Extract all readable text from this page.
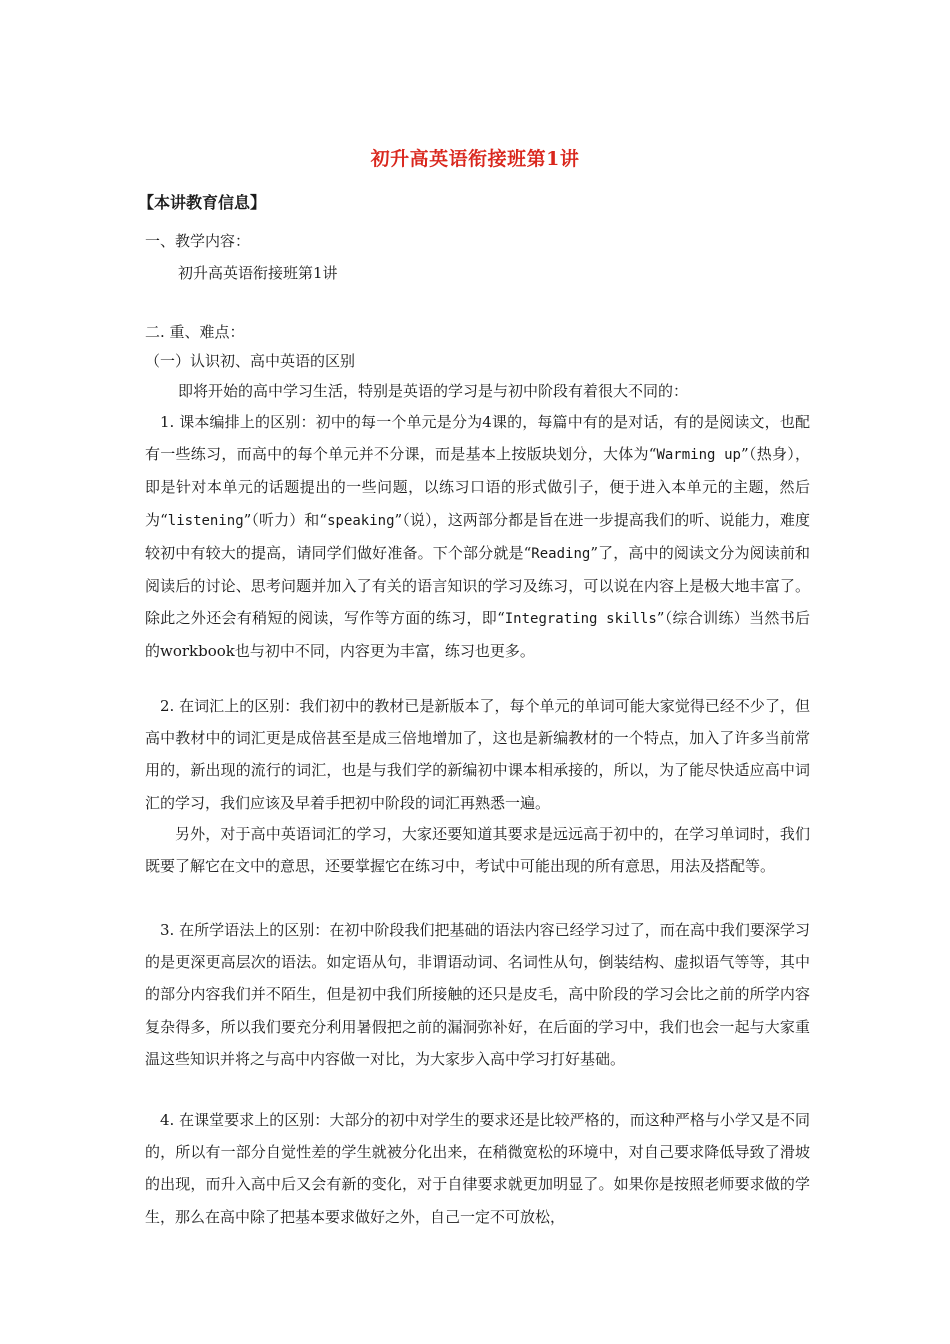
初升高英语衔接班第1讲
【本讲教育信息】
一、教学内容：
初升高英语衔接班第1讲
二. 重、难点：
（一）认识初、高中英语的区别
即将开始的高中学习生活，特别是英语的学习是与初中阶段有着很大不同的：
1. 课本编排上的区别：初中的每一个单元是分为4课的，每篇中有的是对话，有的是阅读文，也配有一些练习，而高中的每个单元并不分课，而是基本上按版块划分，大体为“Warming up”（热身），即是针对本单元的话题提出的一些问题，以练习口语的形式做引子，便于进入本单元的主题，然后为“listening”（听力）和“speaking”（说），这两部分都是旨在进一步提高我们的听、说能力，难度较初中有较大的提高，请同学们做好准备。下个部分就是“Reading”了，高中的阅读文分为阅读前和阅读后的讨论、思考问题并加入了有关的语言知识的学习及练习，可以说在内容上是极大地丰富了。除此之外还会有稍短的阅读，写作等方面的练习，即“Integrating skills”（综合训练）当然书后的workbook也与初中不同，内容更为丰富，练习也更多。
2. 在词汇上的区别：我们初中的教材已是新版本了，每个单元的单词可能大家觉得已经不少了，但高中教材中的词汇更是成倍甚至是成三倍地增加了，这也是新编教材的一个特点，加入了许多当前常用的，新出现的流行的词汇，也是与我们学的新编初中课本相承接的，所以，为了能尽快适应高中词汇的学习，我们应该及早着手把初中阶段的词汇再熟悉一遍。
另外，对于高中英语词汇的学习，大家还要知道其要求是远远高于初中的，在学习单词时，我们既要了解它在文中的意思，还要掌握它在练习中，考试中可能出现的所有意思，用法及搭配等。
3. 在所学语法上的区别：在初中阶段我们把基础的语法内容已经学习过了，而在高中我们要深学习的是更深更高层次的语法。如定语从句，非谓语动词、名词性从句，倒装结构、虚拟语气等等，其中的部分内容我们并不陌生，但是初中我们所接触的还只是皮毛，高中阶段的学习会比之前的所学内容复杂得多，所以我们要充分利用暑假把之前的漏洞弥补好，在后面的学习中，我们也会一起与大家重温这些知识并将之与高中内容做一对比，为大家步入高中学习打好基础。
4. 在课堂要求上的区别：大部分的初中对学生的要求还是比较严格的，而这种严格与小学又是不同的，所以有一部分自觉性差的学生就被分化出来，在稍微宽松的环境中，对自己要求降低导致了滑坡的出现，而升入高中后又会有新的变化，对于自律要求就更加明显了。如果你是按照老师要求做的学生，那么在高中除了把基本要求做好之外，自己一定不可放松，
